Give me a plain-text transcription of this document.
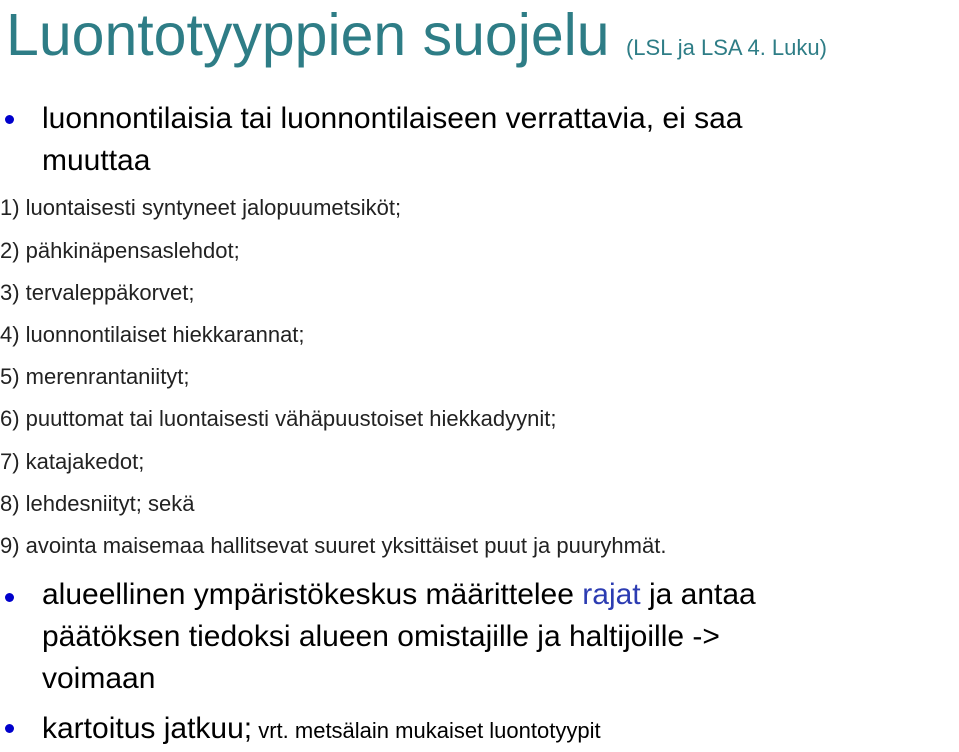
Luontotyyppien suojelu (LSL ja LSA 4. Luku)
luonnontilaisia tai luonnontilaiseen verrattavia, ei saa
muuttaa
1) luontaisesti syntyneet jalopuumetsiköt;
2) pähkinäpensaslehdot;
3) tervaleppäkorvet;
4) luonnontilaiset hiekkarannat;
5) merenrantaniityt;
6) puuttomat tai luontaisesti vähäpuustoiset hiekkadyynit;
7) katajakedot;
8) lehdesniityt; sekä
9) avointa maisemaa hallitsevat suuret yksittäiset puut ja puuryhmät.
alueellinen ympäristökeskus määrittelee rajat ja antaa
päätöksen tiedoksi alueen omistajille ja haltijoille ->
voimaan
kartoitus jatkuu; vrt. metsälain mukaiset luontotyypit
